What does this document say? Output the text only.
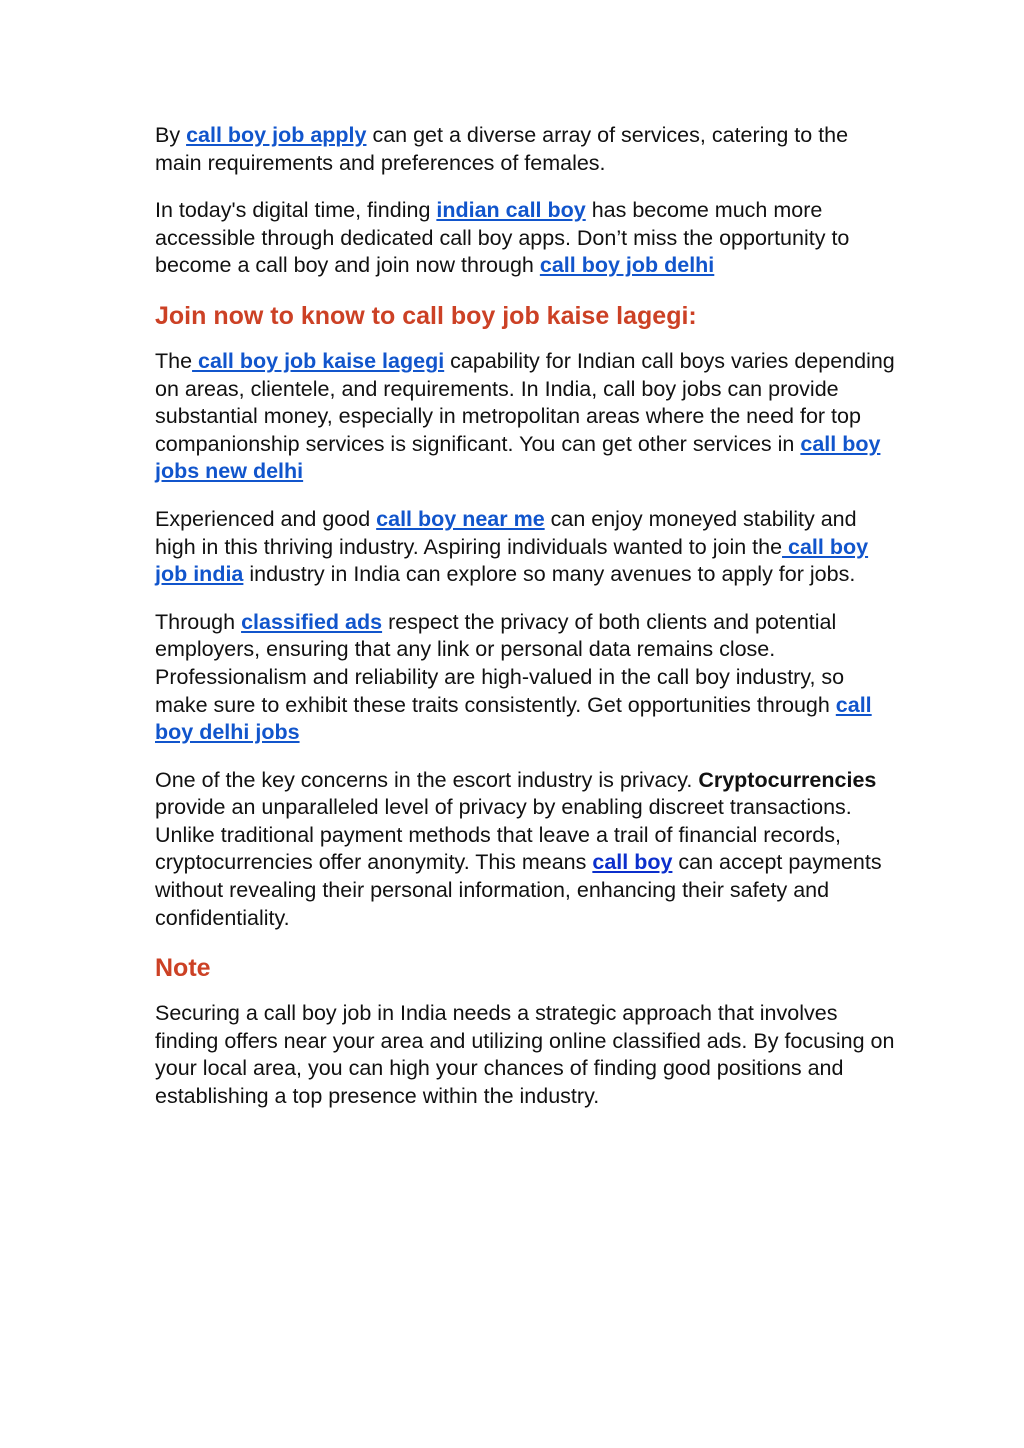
By call boy job apply can get a diverse array of services, catering to the main requirements and preferences of females.

In today's digital time, finding indian call boy has become much more accessible through dedicated call boy apps. Don’t miss the opportunity to become a call boy and join now through call boy job delhi

Join now to know to call boy job kaise lagegi:

The call boy job kaise lagegi capability for Indian call boys varies depending on areas, clientele, and requirements. In India, call boy jobs can provide substantial money, especially in metropolitan areas where the need for top companionship services is significant. You can get other services in call boy jobs new delhi

Experienced and good call boy near me can enjoy moneyed stability and high in this thriving industry. Aspiring individuals wanted to join the call boy job india industry in India can explore so many avenues to apply for jobs.

Through classified ads respect the privacy of both clients and potential employers, ensuring that any link or personal data remains close. Professionalism and reliability are high-valued in the call boy industry, so make sure to exhibit these traits consistently. Get opportunities through call boy delhi jobs

One of the key concerns in the escort industry is privacy. Cryptocurrencies provide an unparalleled level of privacy by enabling discreet transactions. Unlike traditional payment methods that leave a trail of financial records, cryptocurrencies offer anonymity. This means call boy can accept payments without revealing their personal information, enhancing their safety and confidentiality.

Note

Securing a call boy job in India needs a strategic approach that involves finding offers near your area and utilizing online classified ads. By focusing on your local area, you can high your chances of finding good positions and establishing a top presence within the industry.
